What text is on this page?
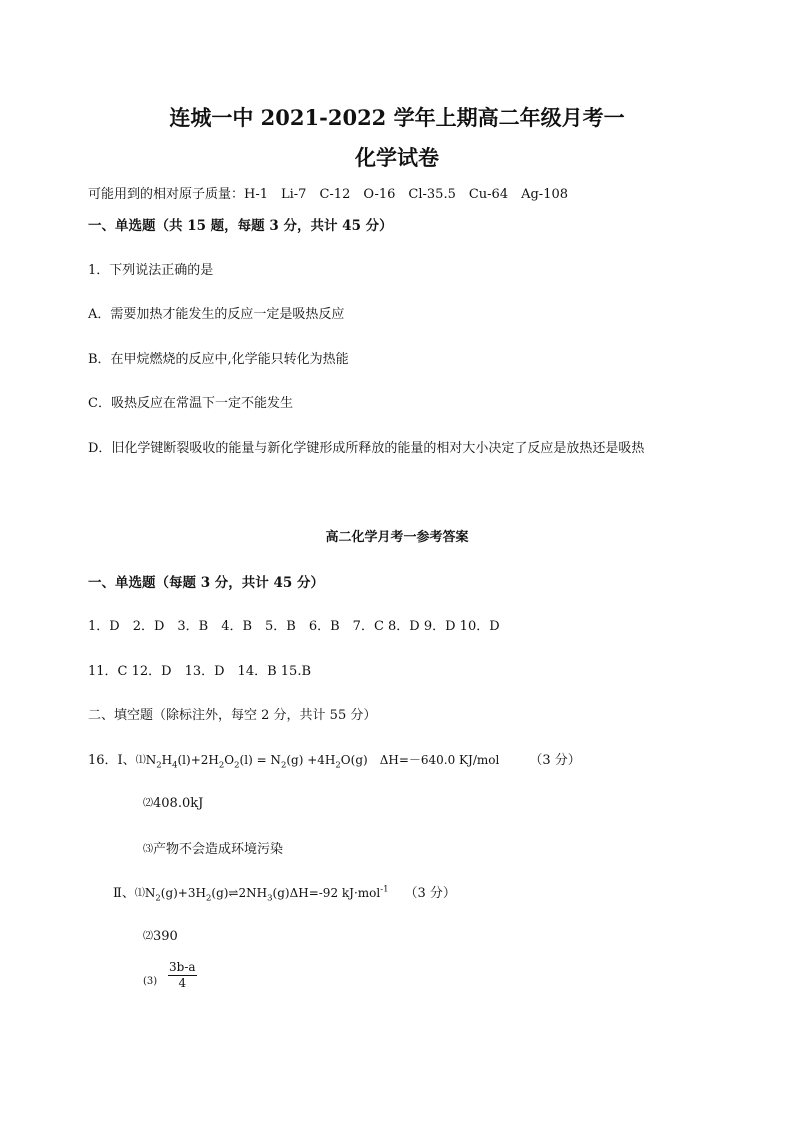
连城一中 2021-2022 学年上期高二年级月考一
化学试卷
可能用到的相对原子质量：H-1　Li-7　C-12　O-16　Cl-35.5　Cu-64　Ag-108
一、单选题（共 15 题，每题 3 分，共计 45 分）
1．下列说法正确的是
A．需要加热才能发生的反应一定是吸热反应
B．在甲烷燃烧的反应中,化学能只转化为热能
C．吸热反应在常温下一定不能发生
D．旧化学键断裂吸收的能量与新化学键形成所释放的能量的相对大小决定了反应是放热还是吸热
高二化学月考一参考答案
一、单选题（每题 3 分，共计 45 分）
1．D　2．D　3．B　4．B　5．B　6．B　7．C 8．D 9．D 10．D
11．C 12．D　13．D　14．B 15.B
二、填空题（除标注外，每空 2 分，共计 55 分）
16．Ⅰ、$⑴N_2H_4(l)+2H_2O_2(l) = N_2(g) +4H_2O(g)$　ΔH=－640.0 KJ/mol （3 分）
⑵408.0kJ
⑶产物不会造成环境污染
Ⅱ、$⑴N_2(g)+3H_2(g)\rightleftharpoons 2NH_3(g)\Delta H=-92$ kJ·mol$^{-1}$ （3 分）
⑵390
$(3) \frac{3b-a}{4}$
